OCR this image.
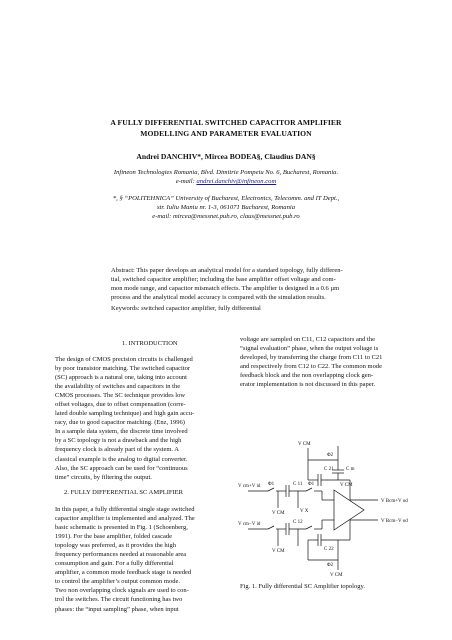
A FULLY DIFFERENTIAL SWITCHED CAPACITOR AMPLIFIER
MODELLING AND PARAMETER EVALUATION
Andrei DANCHIV*, Mircea BODEA§, Claudius DAN§
Infineon Technologies Romania, Blvd. Dimitrie Pompeiu No. 6, Bucharest, Romania.
e-mail: andrei.danchiv@infineon.com
*, § “POLITEHNICA” University of Bucharest, Electronics, Telecomm. and IT Dept.,
str. Iuliu Maniu nr. 1-3, 061071 Bucharest, Romania
e-mail: mircea@messnet.pub.ro, claus@messnet.pub.ro

Abstract: This paper develops an analytical model for a standard topology, fully differen-

tial, switched capacitor amplifier; including the base amplifier offset voltage and com-

mon mode range, and capacitor mismatch effects. The amplifier is designed in a 0.6 µm

process and the analytical model accuracy is compared with the simulation results.

Keywords: switched capacitor amplifier, fully differential
1. INTRODUCTION

The design of CMOS precision circuits is challenged

by poor transistor matching. The switched capacitor

(SC) approach is a natural one, taking into account

the availability of switches and capacitors in the

CMOS processes. The SC technique provides low

offset voltages, due to offset compensation (corre-

lated double sampling technique) and high gain accu-

racy, due to good capacitor matching. (Enz, 1996)

In a sample data system, the discrete time involved

by a SC topology is not a drawback and the high

frequency clock is already part of the system. A

classical example is the analog to digital converter.

Also, the SC approach can be used for “continuous

time” circuits, by filtering the output.

2. FULLY DIFFERENTIAL SC AMPLIFIER

In this paper, a fully differential single stage switched

capacitor amplifier is implemented and analyzed. The

basic schematic is presented in Fig. 1 (Schoenberg,

1991). For the base amplifier, folded cascade

topology was preferred, as it provides the high

frequency performances needed at reasonable area

consumption and gain. For a fully differential

amplifier, a common mode feedback stage is needed

to control the amplifier’s output common mode.

Two non overlapping clock signals are used to con-

trol the switches. The circuit functioning has two

phases: the “input sampling” phase, when input

voltage are sampled on C11, C12 capacitors and the

“signal evaluation” phase, when the output voltage is

developed, by transferring the charge from C11 to C21

and respectively from C12 to C22. The common mode

feedback block and the non overlapping clock gen-

erator implementation is not discussed in this paper.

V CM
Φ2
C m
C 21
V CM
V cm+V id Φ1	C 11 Φ1
V X
V CM
V Bcm+V od
V Bcm−V od
V cm−V id	C 12
V CM	C 22
Φ2
V CM
Fig. 1. Fully differential SC Amplifier topology.
